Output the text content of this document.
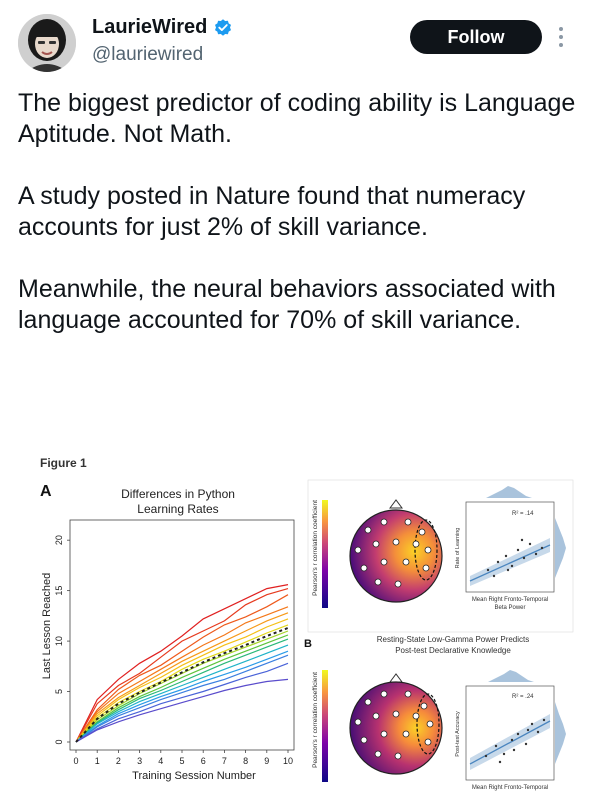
LaurieWired
@lauriewired
Follow
The biggest predictor of coding ability is Language Aptitude. Not Math.

A study posted in Nature found that numeracy accounts for just 2% of skill variance.

Meanwhile, the neural behaviors associated with language accounted for 70% of skill variance.
Figure 1
A	Differences in Python
Learning Rates
0 1 2 3 4 5 6 7 8 9 10
0
5
10
15
20
Training Session Number
Last Lesson Reached	B	Resting-State Low-Gamma Power Predicts
Post-test Declarative Knowledge
Pearson's r correlation coefficient
Pearson's r correlation coefficient
R² = .14
Rate of Learning
Mean Right Fronto-Temporal
Beta Power
R² = .24
Post-test Accuracy
Mean Right Fronto-Temporal
